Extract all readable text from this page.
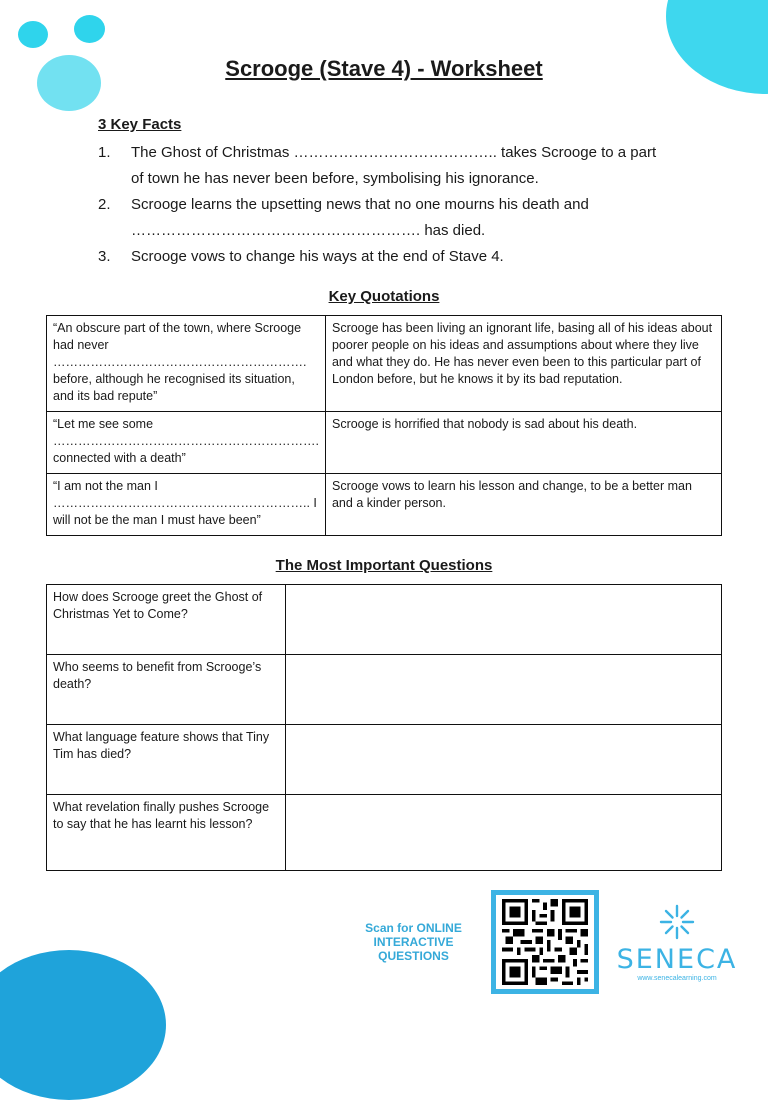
Scrooge (Stave 4) - Worksheet
3 Key Facts
1.	The Ghost of Christmas ………………………………….. takes Scrooge to a part of town he has never been before, symbolising his ignorance.
2.	Scrooge learns the upsetting news that no one mourns his death and …………………………………………………. has died.
3.	Scrooge vows to change his ways at the end of Stave 4.
Key Quotations
“An obscure part of the town, where Scrooge had never ……………………………………………………. before, although he recognised its situation, and its bad repute”	Scrooge has been living an ignorant life, basing all of his ideas about poorer people on his ideas and assumptions about where they live and what they do. He has never even been to this particular part of London before, but he knows it by its bad reputation.
“Let me see some ………………………………………………………. connected with a death”	Scrooge is horrified that nobody is sad about his death.
“I am not the man I …………………………………………………….. I will not be the man I must have been”	Scrooge vows to learn his lesson and change, to be a better man and a kinder person.
The Most Important Questions
How does Scrooge greet the Ghost of Christmas Yet to Come?	
Who seems to benefit from Scrooge’s death?	
What language feature shows that Tiny Tim has died?	
What revelation finally pushes Scrooge to say that he has learnt his lesson?	
Scan for ONLINE INTERACTIVE QUESTIONS	SENECA
www.senecalearning.com
